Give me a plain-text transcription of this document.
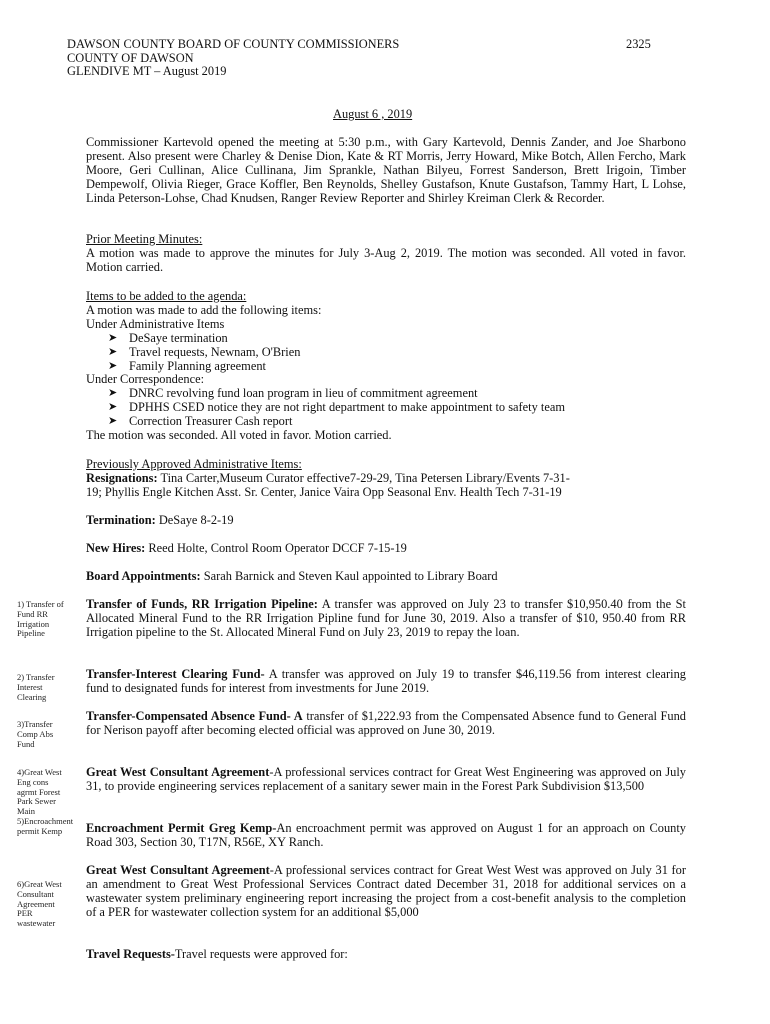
DAWSON COUNTY BOARD OF COUNTY COMMISSIONERS
COUNTY OF DAWSON
GLENDIVE MT – August 2019
2325
August 6 , 2019
Commissioner Kartevold opened the meeting at 5:30 p.m., with Gary Kartevold, Dennis Zander, and Joe Sharbono present. Also present were Charley & Denise Dion, Kate & RT Morris, Jerry Howard, Mike Botch, Allen Fercho, Mark Moore, Geri Cullinan, Alice Cullinana, Jim Sprankle, Nathan Bilyeu, Forrest Sanderson, Brett Irigoin, Timber Dempewolf, Olivia Rieger, Grace Koffler, Ben Reynolds, Shelley Gustafson, Knute Gustafson, Tammy Hart, L Lohse, Linda Peterson-Lohse, Chad Knudsen, Ranger Review Reporter and Shirley Kreiman Clerk & Recorder.
Prior Meeting Minutes:
A motion was made to approve the minutes for July 3-Aug 2, 2019. The motion was seconded. All voted in favor. Motion carried.
Items to be added to the agenda:
A motion was made to add the following items:
Under Administrative Items
➤ DeSaye termination
➤ Travel requests, Newnam, O'Brien
➤ Family Planning agreement
Under Correspondence:
➤ DNRC revolving fund loan program in lieu of commitment agreement
➤ DPHHS CSED notice they are not right department to make appointment to safety team
➤ Correction Treasurer Cash report
The motion was seconded. All voted in favor. Motion carried.
Previously Approved Administrative Items:
Resignations: Tina Carter,Museum Curator effective7-29-29, Tina Petersen Library/Events 7-31-
19; Phyllis Engle Kitchen Asst. Sr. Center, Janice Vaira Opp Seasonal Env. Health Tech 7-31-19
Termination: DeSaye 8-2-19
New Hires: Reed Holte, Control Room Operator DCCF 7-15-19
Board Appointments: Sarah Barnick and Steven Kaul appointed to Library Board
Transfer of Funds, RR Irrigation Pipeline: A transfer was approved on July 23 to transfer $10,950.40 from the St Allocated Mineral Fund to the RR Irrigation Pipline fund for June 30, 2019. Also a transfer of $10, 950.40 from RR Irrigation pipeline to the St. Allocated Mineral Fund on July 23, 2019 to repay the loan.
Transfer-Interest Clearing Fund- A transfer was approved on July 19 to transfer $46,119.56 from interest clearing fund to designated funds for interest from investments for June 2019.
Transfer-Compensated Absence Fund- A transfer of $1,222.93 from the Compensated Absence fund to General Fund for Nerison payoff after becoming elected official was approved on June 30, 2019.
Great West Consultant Agreement-A professional services contract for Great West Engineering was approved on July 31, to provide engineering services replacement of a sanitary sewer main in the Forest Park Subdivision $13,500
Encroachment Permit Greg Kemp-An encroachment permit was approved on August 1 for an approach on County Road 303, Section 30, T17N, R56E, XY Ranch.
Great West Consultant Agreement-A professional services contract for Great West West was approved on July 31 for an amendment to Great West Professional Services Contract dated December 31, 2018 for additional services on a wastewater system preliminary engineering report increasing the project from a cost-benefit analysis to the completion of a PER for wastewater collection system for an additional $5,000
Travel Requests-Travel requests were approved for:
1) Transfer of Fund RR Irrigation Pipeline
2) Transfer Interest Clearing
3)Transfer Comp Abs Fund
4)Great West Eng cons agrmt Forest Park Sewer Main 5)Encroachment permit Kemp
6)Great West Consultant Agreement PER wastewater
